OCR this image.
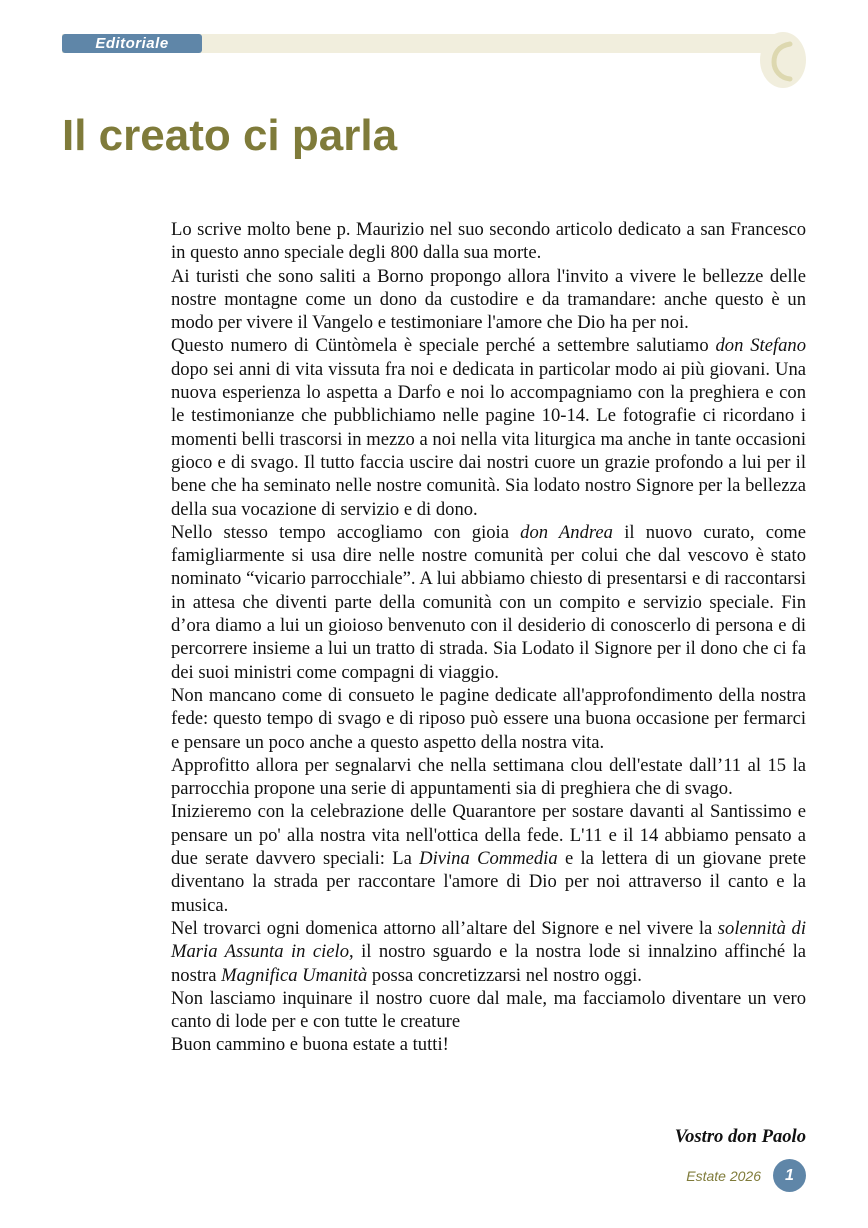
Editoriale
Il creato ci parla

Lo scrive molto bene p. Maurizio nel suo secondo articolo dedicato a san Francesco in questo anno speciale degli 800 dalla sua morte.

Ai turisti che sono saliti a Borno propongo allora l'invito a vivere le bellezze delle nostre montagne come un dono da custodire e da tramandare: anche questo è un modo per vivere il Vangelo e testimoniare l'amore che Dio ha per noi.

Questo numero di Cüntòmela è speciale perché a settembre salutiamo don Stefano dopo sei anni di vita vissuta fra noi e dedicata in particolar modo ai più giovani. Una nuova esperienza lo aspetta a Darfo e noi lo accompagniamo con la preghiera e con le testimonianze che pubblichiamo nelle pagine 10-14. Le fotografie ci ricordano i momenti belli trascorsi in mezzo a noi nella vita liturgica ma anche in tante occasioni gioco e di svago. Il tutto faccia uscire dai nostri cuore un grazie profondo a lui per il bene che ha seminato nelle nostre comunità. Sia lodato nostro Signore per la bellezza della sua vocazione di servizio e di dono.

Nello stesso tempo accogliamo con gioia don Andrea il nuovo curato, come famigliarmente si usa dire nelle nostre comunità per colui che dal vescovo è stato nominato “vicario parrocchiale”. A lui abbiamo chiesto di presentarsi e di raccontarsi in attesa che diventi parte della comunità con un compito e servizio speciale. Fin d’ora diamo a lui un gioioso benvenuto con il desiderio di conoscerlo di persona e di percorrere insieme a lui un tratto di strada. Sia Lodato il Signore per il dono che ci fa dei suoi ministri come compagni di viaggio.

Non mancano come di consueto le pagine dedicate all'approfondimento della nostra fede: questo tempo di svago e di riposo può essere una buona occasione per fermarci e pensare un poco anche a questo aspetto della nostra vita.

Approfitto allora per segnalarvi che nella settimana clou dell'estate dall’11 al 15 la parrocchia propone una serie di appuntamenti sia di preghiera che di svago.

Inizieremo con la celebrazione delle Quarantore per sostare davanti al Santissimo e pensare un po' alla nostra vita nell'ottica della fede. L'11 e il 14 abbiamo pensato a due serate davvero speciali: La Divina Commedia e la lettera di un giovane prete diventano la strada per raccontare l'amore di Dio per noi attraverso il canto e la musica.

Nel trovarci ogni domenica attorno all’altare del Signore e nel vivere la solennità di Maria Assunta in cielo, il nostro sguardo e la nostra lode si innalzino affinché la nostra Magnifica Umanità possa concretizzarsi nel nostro oggi.

Non lasciamo inquinare il nostro cuore dal male, ma facciamolo diventare un vero canto di lode per e con tutte le creature

Buon cammino e buona estate a tutti!

Vostro don Paolo
Estate 2026	1
